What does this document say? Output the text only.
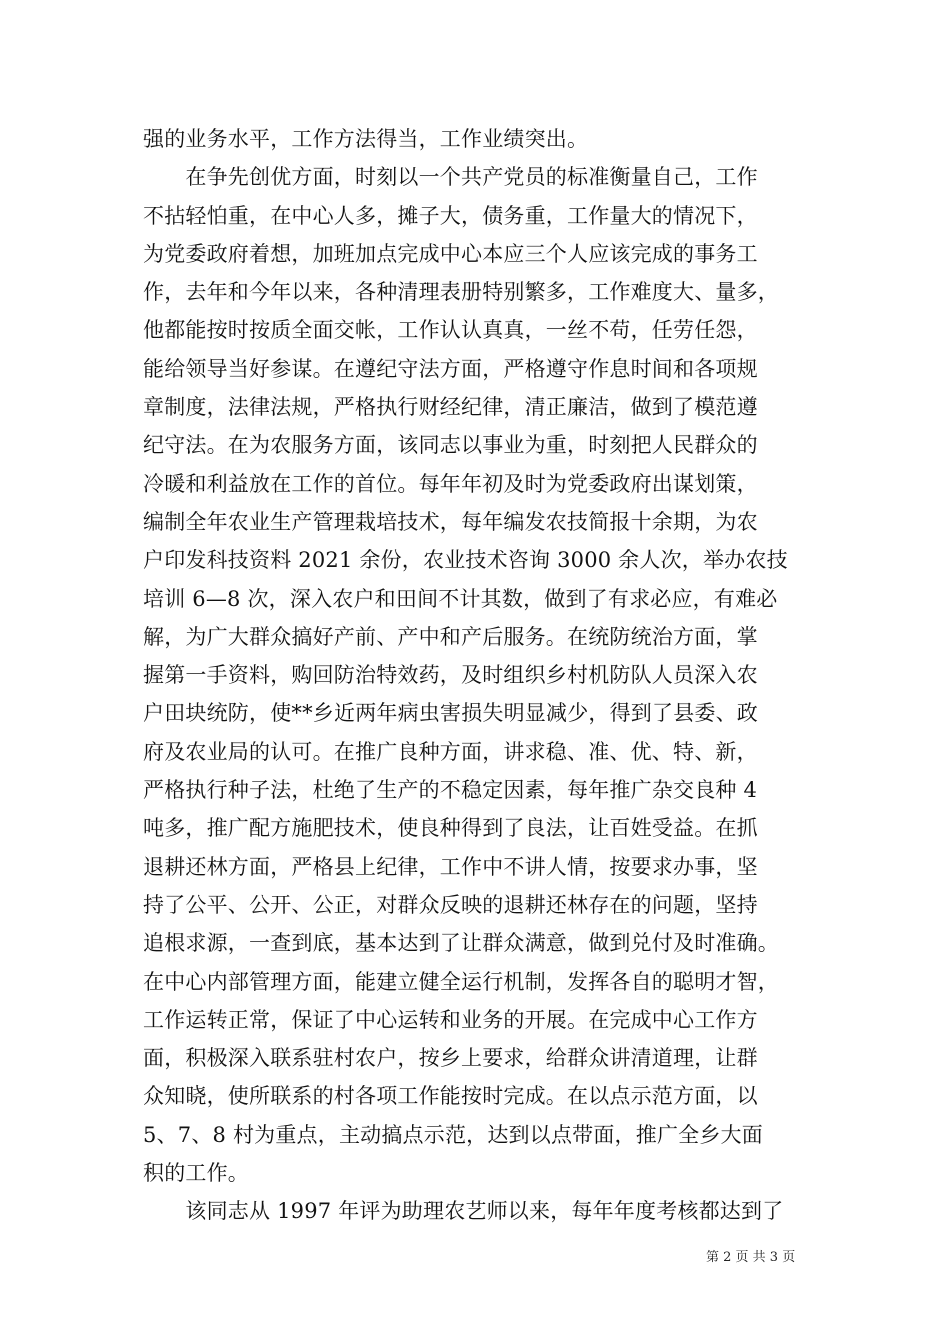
强的业务水平，工作方法得当，工作业绩突出。
　　在争先创优方面，时刻以一个共产党员的标准衡量自己，工作
不拈轻怕重，在中心人多，摊子大，债务重，工作量大的情况下，
为党委政府着想，加班加点完成中心本应三个人应该完成的事务工
作，去年和今年以来，各种清理表册特别繁多，工作难度大、量多，
他都能按时按质全面交帐，工作认认真真，一丝不苟，任劳任怨，
能给领导当好参谋。在遵纪守法方面，严格遵守作息时间和各项规
章制度，法律法规，严格执行财经纪律，清正廉洁，做到了模范遵
纪守法。在为农服务方面，该同志以事业为重，时刻把人民群众的
冷暖和利益放在工作的首位。每年年初及时为党委政府出谋划策，
编制全年农业生产管理栽培技术，每年编发农技简报十余期，为农
户印发科技资料 2021 余份，农业技术咨询 3000 余人次，举办农技
培训 6—8 次，深入农户和田间不计其数，做到了有求必应，有难必
解，为广大群众搞好产前、产中和产后服务。在统防统治方面，掌
握第一手资料，购回防治特效药，及时组织乡村机防队人员深入农
户田块统防，使**乡近两年病虫害损失明显减少，得到了县委、政
府及农业局的认可。在推广良种方面，讲求稳、准、优、特、新，
严格执行种子法，杜绝了生产的不稳定因素，每年推广杂交良种 4
吨多，推广配方施肥技术，使良种得到了良法，让百姓受益。在抓
退耕还林方面，严格县上纪律，工作中不讲人情，按要求办事，坚
持了公平、公开、公正，对群众反映的退耕还林存在的问题，坚持
追根求源，一查到底，基本达到了让群众满意，做到兑付及时准确。
在中心内部管理方面，能建立健全运行机制，发挥各自的聪明才智，
工作运转正常，保证了中心运转和业务的开展。在完成中心工作方
面，积极深入联系驻村农户，按乡上要求，给群众讲清道理，让群
众知晓，使所联系的村各项工作能按时完成。在以点示范方面，以
5、7、8 村为重点，主动搞点示范，达到以点带面，推广全乡大面
积的工作。
　　该同志从 1997 年评为助理农艺师以来，每年年度考核都达到了
第 2 页 共 3 页
